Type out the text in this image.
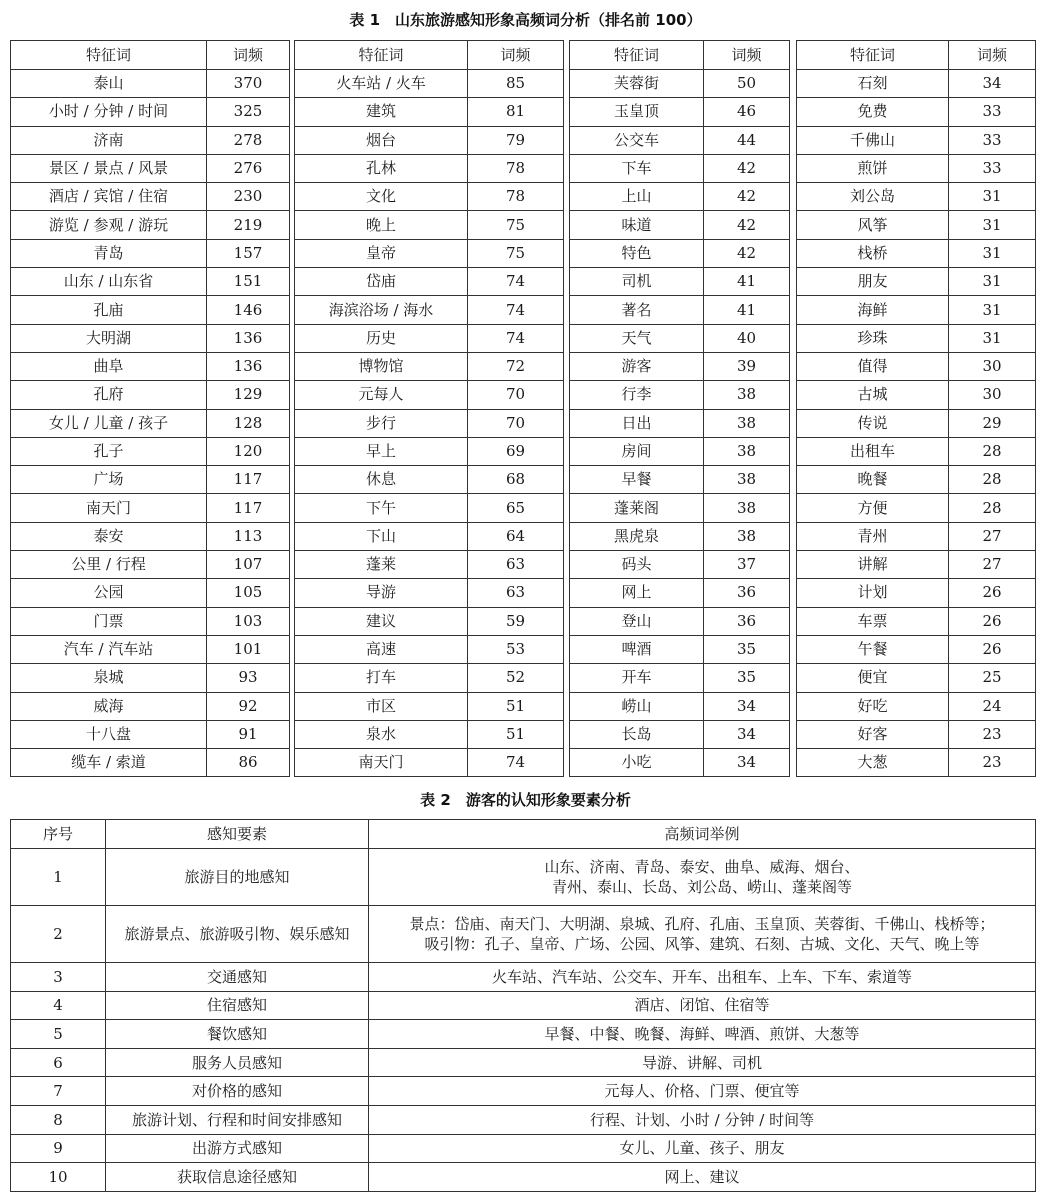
表 1　山东旅游感知形象高频词分析（排名前 100）
特征词	词频
泰山	370
小时 / 分钟 / 时间	325
济南	278
景区 / 景点 / 风景	276
酒店 / 宾馆 / 住宿	230
游览 / 参观 / 游玩	219
青岛	157
山东 / 山东省	151
孔庙	146
大明湖	136
曲阜	136
孔府	129
女儿 / 儿童 / 孩子	128
孔子	120
广场	117
南天门	117
泰安	113
公里 / 行程	107
公园	105
门票	103
汽车 / 汽车站	101
泉城	93
威海	92
十八盘	91
缆车 / 索道	86
特征词	词频
火车站 / 火车	85
建筑	81
烟台	79
孔林	78
文化	78
晚上	75
皇帝	75
岱庙	74
海滨浴场 / 海水	74
历史	74
博物馆	72
元每人	70
步行	70
早上	69
休息	68
下午	65
下山	64
蓬莱	63
导游	63
建议	59
高速	53
打车	52
市区	51
泉水	51
南天门	74
特征词	词频
芙蓉街	50
玉皇顶	46
公交车	44
下车	42
上山	42
味道	42
特色	42
司机	41
著名	41
天气	40
游客	39
行李	38
日出	38
房间	38
早餐	38
蓬莱阁	38
黑虎泉	38
码头	37
网上	36
登山	36
啤酒	35
开车	35
崂山	34
长岛	34
小吃	34
特征词	词频
石刻	34
免费	33
千佛山	33
煎饼	33
刘公岛	31
风筝	31
栈桥	31
朋友	31
海鲜	31
珍珠	31
值得	30
古城	30
传说	29
出租车	28
晚餐	28
方便	28
青州	27
讲解	27
计划	26
车票	26
午餐	26
便宜	25
好吃	24
好客	23
大葱	23
表 2　游客的认知形象要素分析
序号	感知要素	高频词举例
1	旅游目的地感知	山东、济南、青岛、泰安、曲阜、威海、烟台、
青州、泰山、长岛、刘公岛、崂山、蓬莱阁等

2	旅游景点、旅游吸引物、娱乐感知	景点：岱庙、南天门、大明湖、泉城、孔府、孔庙、玉皇顶、芙蓉街、千佛山、栈桥等；
吸引物：孔子、皇帝、广场、公园、风筝、建筑、石刻、古城、文化、天气、晚上等

3	交通感知	火车站、汽车站、公交车、开车、出租车、上车、下车、索道等

4	住宿感知	酒店、闭馆、住宿等

5	餐饮感知	早餐、中餐、晚餐、海鲜、啤酒、煎饼、大葱等

6	服务人员感知	导游、讲解、司机

7	对价格的感知	元每人、价格、门票、便宜等

8	旅游计划、行程和时间安排感知	行程、计划、小时 / 分钟 / 时间等

9	出游方式感知	女儿、儿童、孩子、朋友

10	获取信息途径感知	网上、建议
